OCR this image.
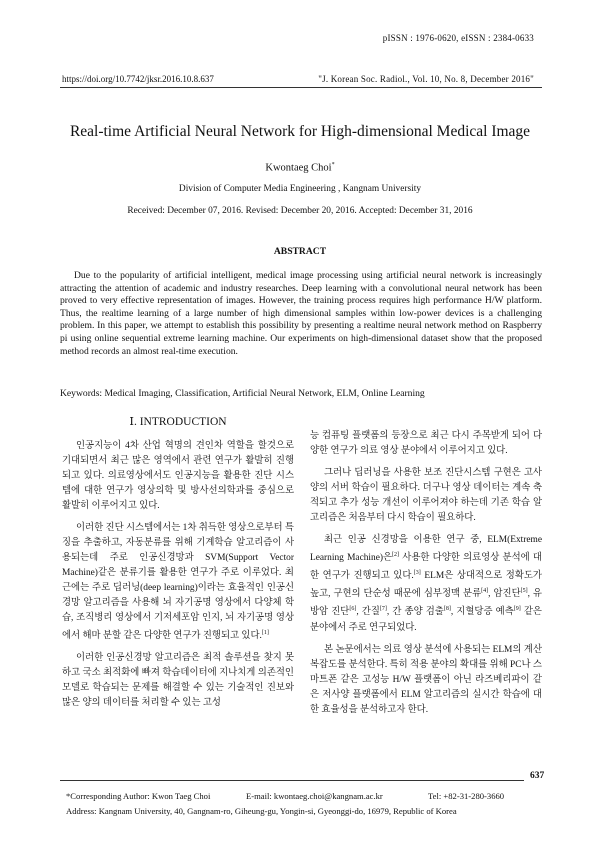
pISSN : 1976-0620, eISSN : 2384-0633
https://doi.org/10.7742/jksr.2016.10.8.637	"J. Korean Soc. Radiol., Vol. 10, No. 8, December 2016"
Real-time Artificial Neural Network for High-dimensional Medical Image
Kwontaeg Choi*
Division of Computer Media Engineering , Kangnam University
Received: December 07, 2016. Revised: December 20, 2016. Accepted: December 31, 2016
ABSTRACT
Due to the popularity of artificial intelligent, medical image processing using artificial neural network is increasingly attracting the attention of academic and industry researches. Deep learning with a convolutional neural network has been proved to very effective representation of images. However, the training process requires high performance H/W platform. Thus, the realtime learning of a large number of high dimensional samples within low-power devices is a challenging problem. In this paper, we attempt to establish this possibility by presenting a realtime neural network method on Raspberry pi using online sequential extreme learning machine. Our experiments on high-dimensional dataset show that the proposed method records an almost real-time execution.
Keywords: Medical Imaging, Classification, Artificial Neural Network, ELM, Online Learning

Ⅰ. INTRODUCTION

인공지능이 4차 산업 혁명의 견인차 역할을 할것으로 기대되면서 최근 많은 영역에서 관련 연구가 활발히 진행되고 있다. 의료영상에서도 인공지능을 활용한 진단 시스템에 대한 연구가 영상의학 및 방사선의학과를 중심으로 활발히 이루어지고 있다.

이러한 진단 시스템에서는 1차 취득한 영상으로부터 특징을 추출하고, 자동분류를 위해 기계학습 알고리즘이 사용되는데 주로 인공신경망과 SVM(Support Vector Machine)같은 분류기를 활용한 연구가 주로 이루었다. 최근에는 주로 딥러닝(deep learning)이라는 효율적인 인공신경망 알고리즘을 사용해 뇌 자기공명 영상에서 다양체 학습, 조직병리 영상에서 기저세포암 인지, 뇌 자기공명 영상에서 해마 분할 같은 다양한 연구가 진행되고 있다.[1]

이러한 인공신경망 알고리즘은 최적 솔루션을 찾지 못하고 국소 최적화에 빠져 학습데이터에 지나치게 의존적인 모델로 학습되는 문제를 해결할 수 있는 기술적인 진보와 많은 양의 데이터를 처리할 수 있는 고성

능 컴퓨팅 플랫폼의 등장으로 최근 다시 주목받게 되어 다양한 연구가 의료 영상 분야에서 이루어지고 있다.

그러나 딥러닝을 사용한 보조 진단시스템 구현은 고사양의 서버 학습이 필요하다. 더구나 영상 데이터는 계속 축적되고 추가 성능 개선이 이루어져야 하는데 기존 학습 알고리즘은 처음부터 다시 학습이 필요하다.

최근 인공 신경망을 이용한 연구 중, ELM(Extreme Learning Machine)은[2] 사용한 다양한 의료영상 분석에 대한 연구가 진행되고 있다.[3] ELM은 상대적으로 정확도가 높고, 구현의 단순성 때문에 심부정맥 분류[4], 암진단[5], 유방암 진단[6], 간질[7], 간 종양 검출[8], 지혈당증 예측[9] 같은 분야에서 주로 연구되었다.

본 논문에서는 의료 영상 분석에 사용되는 ELM의 계산 복잡도를 분석한다. 특히 적용 분야의 확대를 위해 PC나 스마트폰 같은 고성능 H/W 플랫폼이 아닌 라즈베리파이 같은 저사양 플랫폼에서 ELM 알고리즘의 실시간 학습에 대한 효율성을 분석하고자 한다.

637
*Corresponding Author: Kwon Taeg Choi	E-mail: kwontaeg.choi@kangnam.ac.kr	Tel: +82-31-280-3660
Address: Kangnam University, 40, Gangnam-ro, Giheung-gu, Yongin-si, Gyeonggi-do, 16979, Republic of Korea
